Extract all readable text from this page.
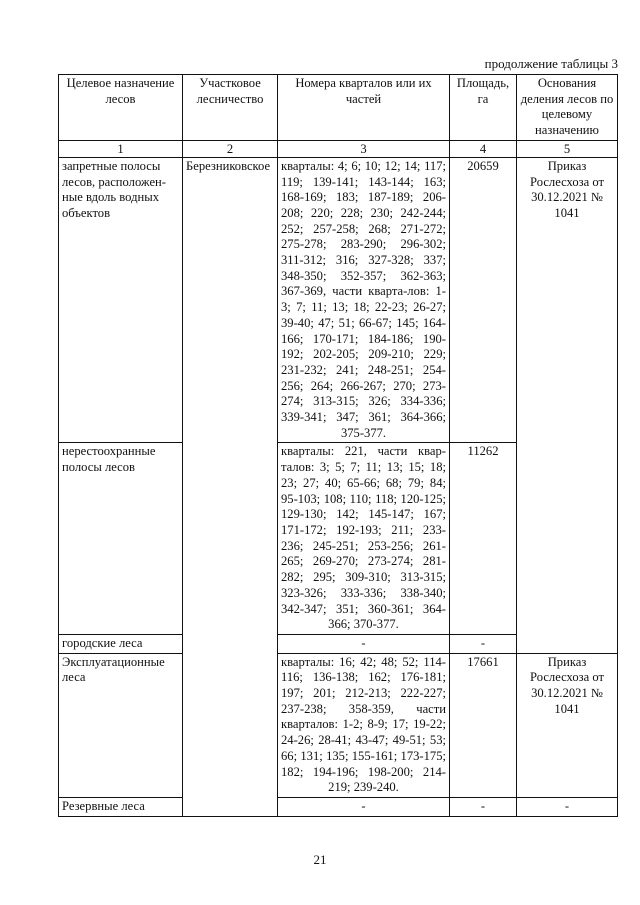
продолжение таблицы 3
Целевое назначение лесов	Участковое лесничество	Номера кварталов или их частей	Площадь, га	Основания деления лесов по целевому назначению
1	2	3	4	5
запретные полосы лесов, расположен-ные вдоль водных объектов	Березниковское	кварталы: 4; 6; 10; 12; 14; 117; 119; 139-141; 143-144; 163; 168-169; 183; 187-189; 206-208; 220; 228; 230; 242-244; 252; 257-258; 268; 271-272; 275-278; 283-290; 296-302; 311-312; 316; 327-328; 337; 348-350; 352-357; 362-363; 367-369, части кварта-лов: 1-3; 7; 11; 13; 18; 22-23; 26-27; 39-40; 47; 51; 66-67; 145; 164-166; 170-171; 184-186; 190-192; 202-205; 209-210; 229; 231-232; 241; 248-251; 254-256; 264; 266-267; 270; 273-274; 313-315; 326; 334-336; 339-341; 347; 361; 364-366; 375-377.	20659	Приказ Рослесхоза от 30.12.2021 № 1041
нерестоохранные полосы лесов		кварталы: 221, части квар-талов: 3; 5; 7; 11; 13; 15; 18; 23; 27; 40; 65-66; 68; 79; 84; 95-103; 108; 110; 118; 120-125; 129-130; 142; 145-147; 167; 171-172; 192-193; 211; 233-236; 245-251; 253-256; 261-265; 269-270; 273-274; 281-282; 295; 309-310; 313-315; 323-326; 333-336; 338-340; 342-347; 351; 360-361; 364-366; 370-377.	11262	
городские леса		-	-	
Эксплуатационные леса		кварталы: 16; 42; 48; 52; 114-116; 136-138; 162; 176-181; 197; 201; 212-213; 222-227; 237-238; 358-359, части кварталов: 1-2; 8-9; 17; 19-22; 24-26; 28-41; 43-47; 49-51; 53; 66; 131; 135; 155-161; 173-175; 182; 194-196; 198-200; 214-219; 239-240.	17661	Приказ Рослесхоза от 30.12.2021 № 1041
Резервные леса		-	-	-
21
